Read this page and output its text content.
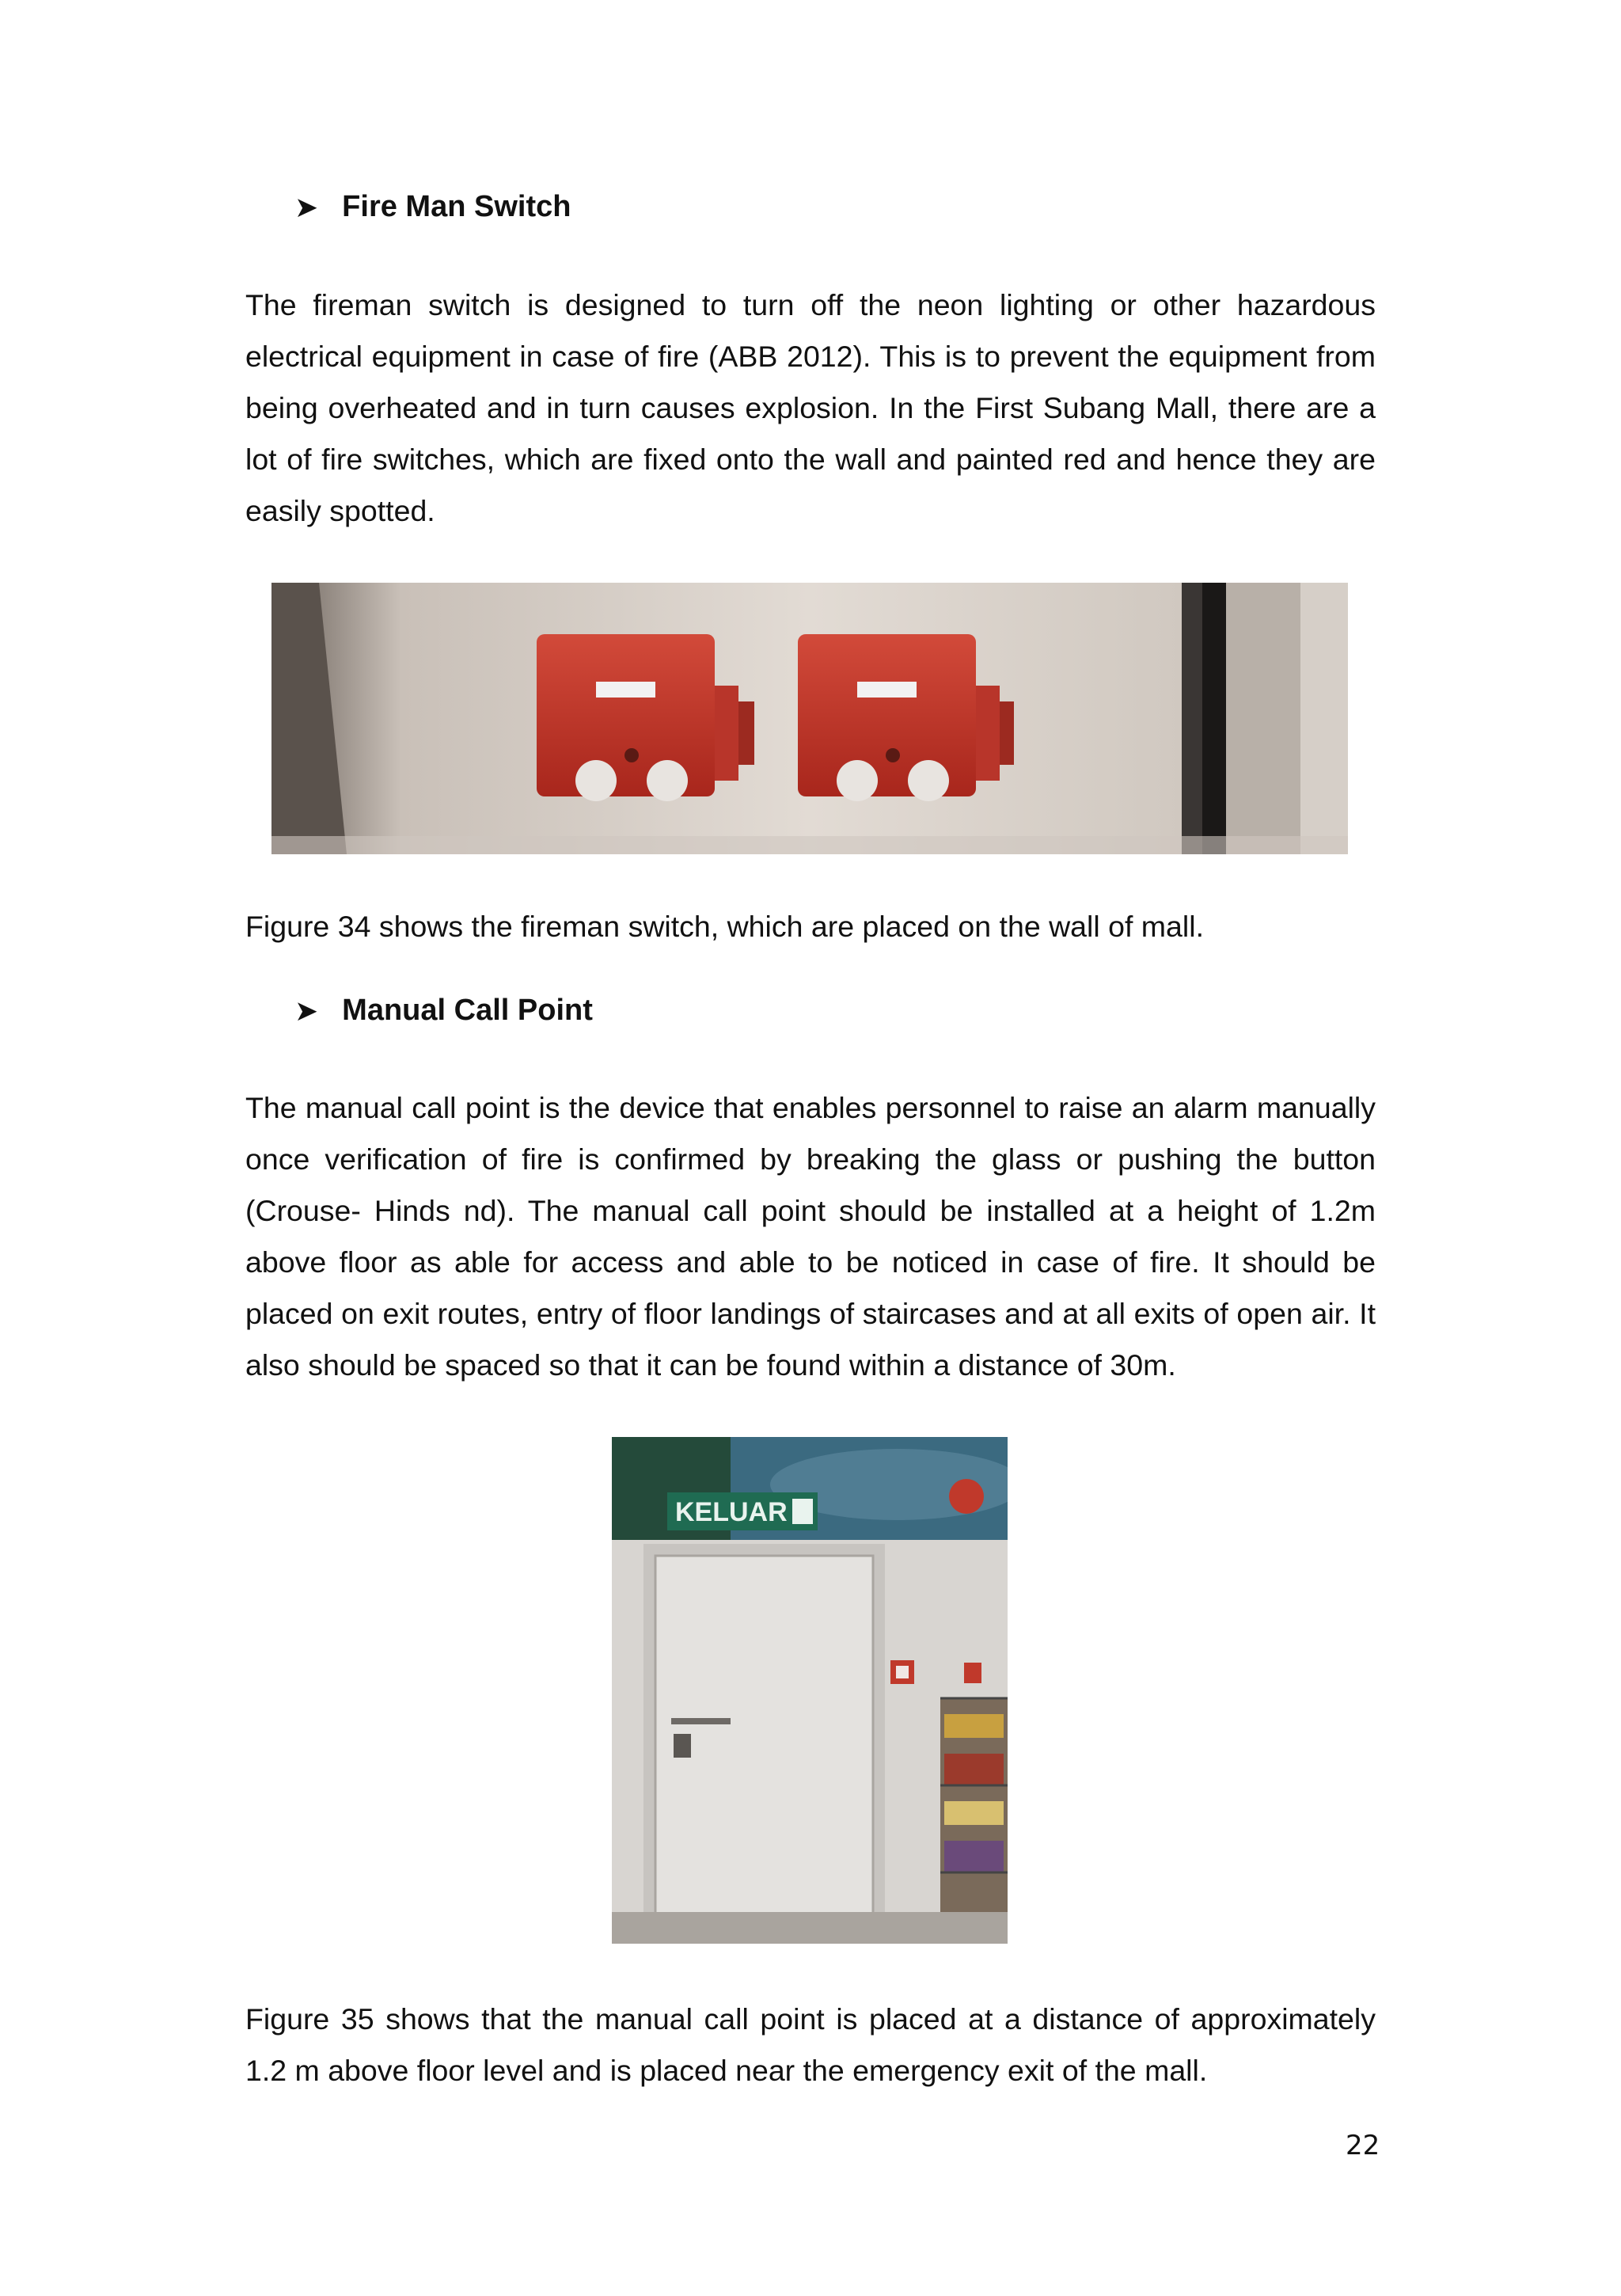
➤ Fire Man Switch

The fireman switch is designed to turn off the neon lighting or other hazardous electrical equipment in case of fire (ABB 2012). This is to prevent the equipment from being overheated and in turn causes explosion. In the First Subang Mall, there are a lot of fire switches, which are fixed onto the wall and painted red and hence they are easily spotted.

Figure 34 shows the fireman switch, which are placed on the wall of mall.

➤ Manual Call Point

The manual call point is the device that enables personnel to raise an alarm manually once verification of fire is confirmed by breaking the glass or pushing the button (Crouse- Hinds nd). The manual call point should be installed at a height of 1.2m above floor as able for access and able to be noticed in case of fire. It should be placed on exit routes, entry of floor landings of staircases and at all exits of open air. It also should be spaced so that it can be found within a distance of 30m.

KELUAR

Figure 35 shows that the manual call point is placed at a distance of approximately 1.2 m above floor level and is placed near the emergency exit of the mall.

22
